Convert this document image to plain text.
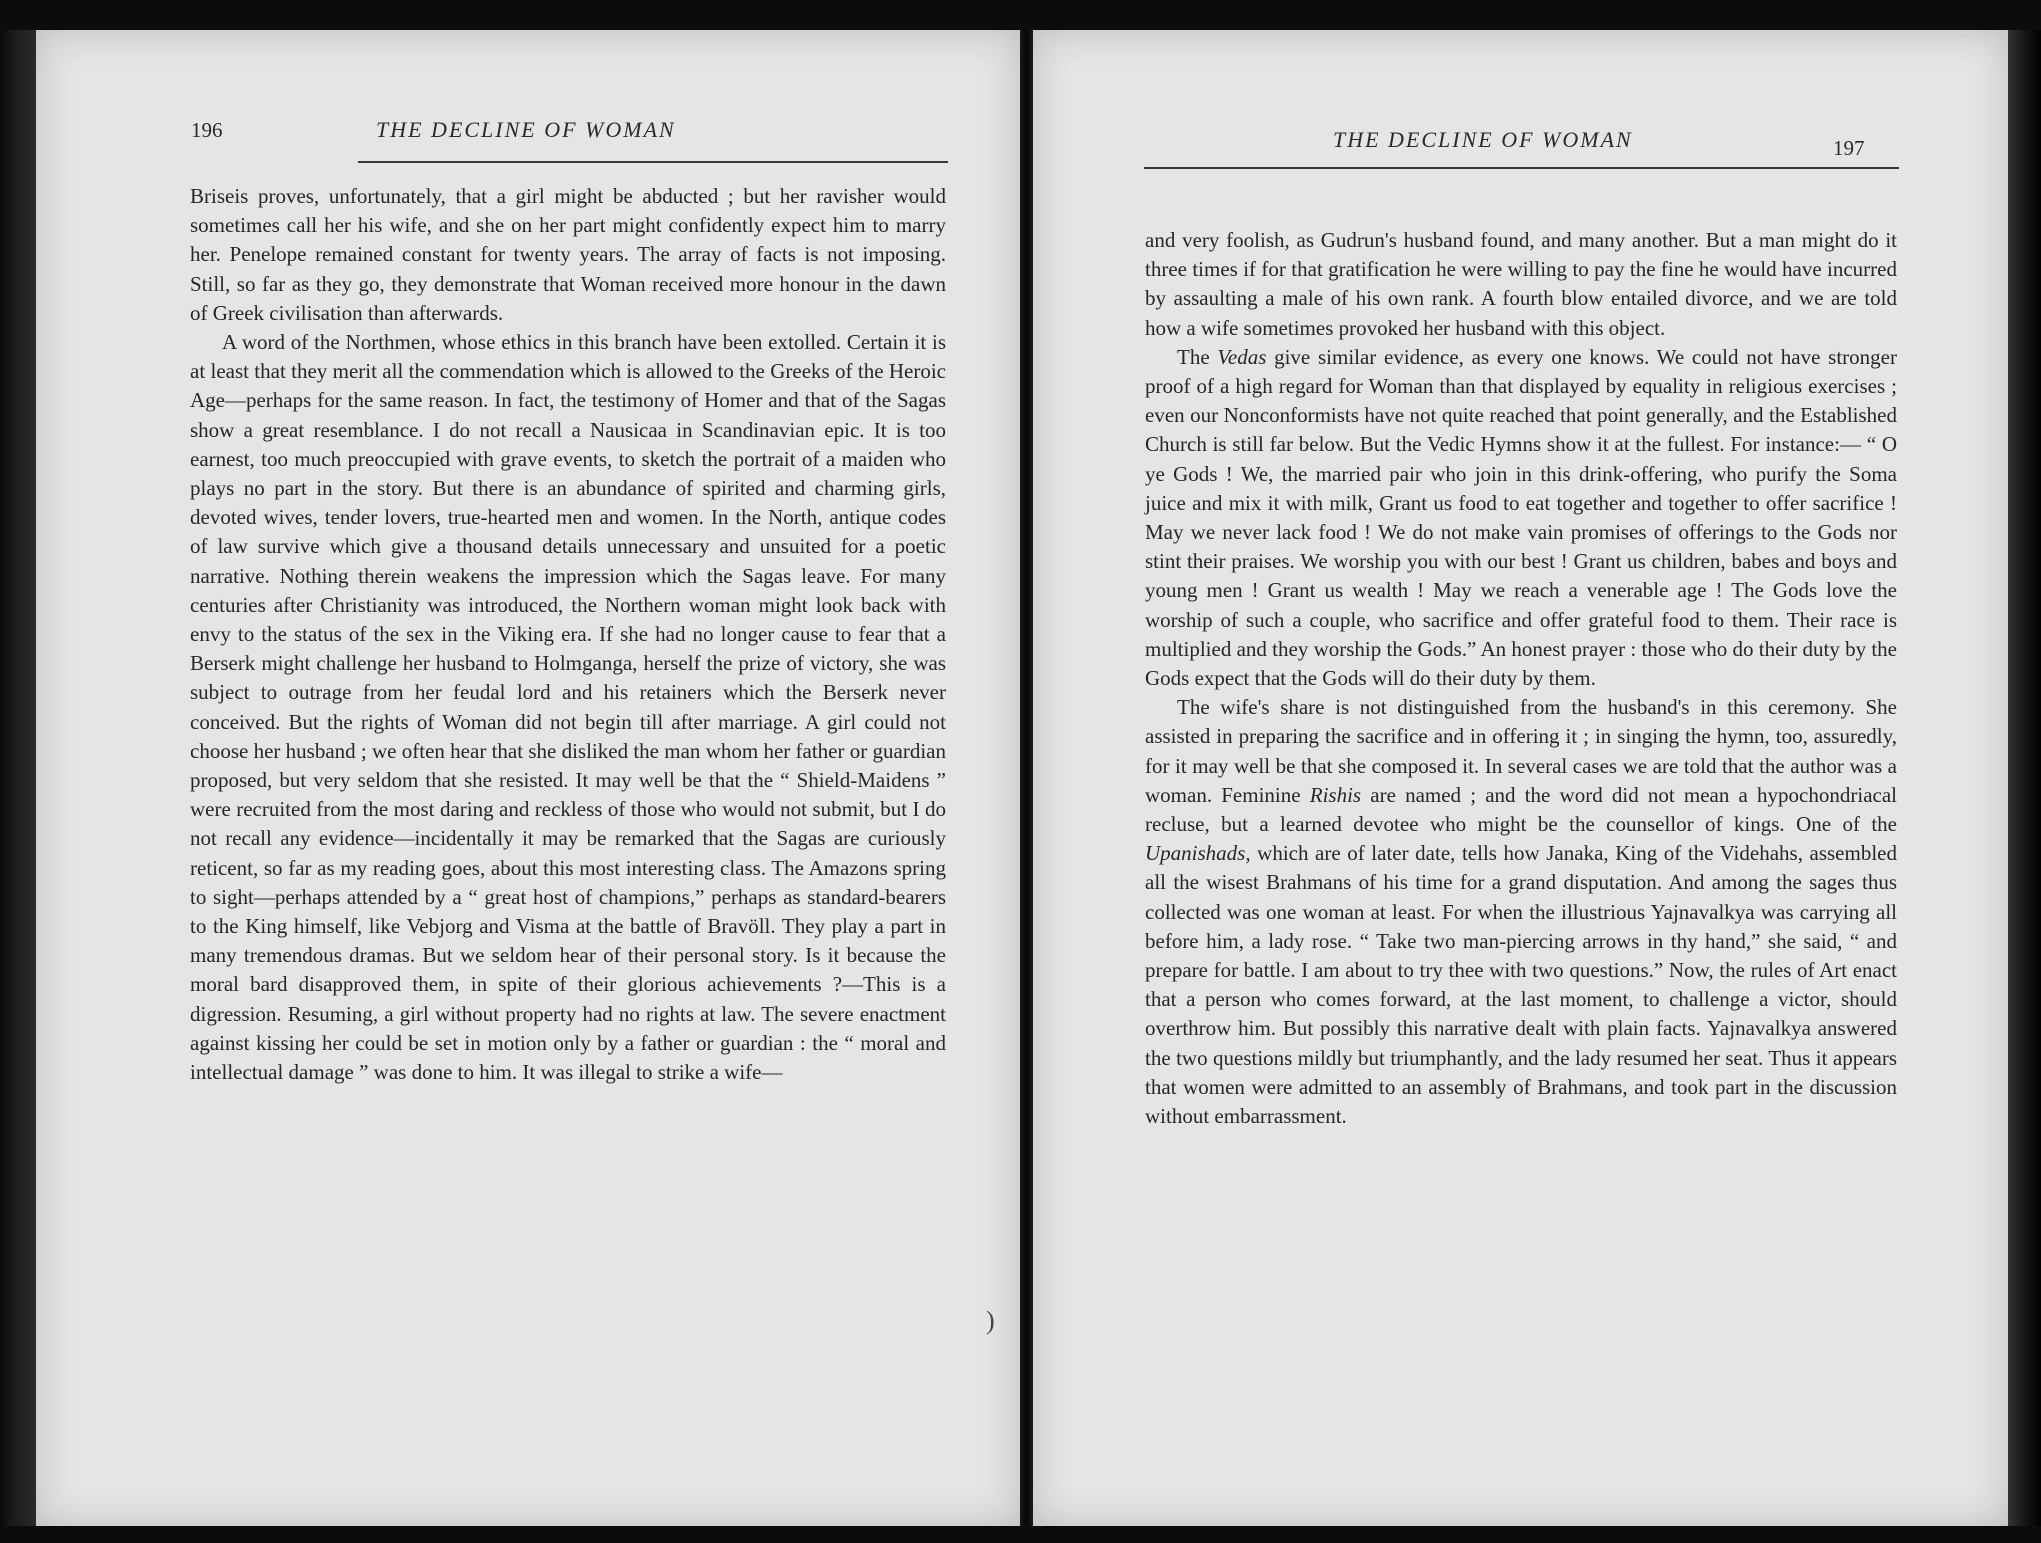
196	THE DECLINE OF WOMAN

Briseis proves, unfortunately, that a girl might be abducted ; but her ravisher would sometimes call her his wife, and she on her part might confidently expect him to marry her. Penelope remained constant for twenty years. The array of facts is not imposing. Still, so far as they go, they demonstrate that Woman received more honour in the dawn of Greek civilisation than afterwards.

A word of the Northmen, whose ethics in this branch have been extolled. Certain it is at least that they merit all the commendation which is allowed to the Greeks of the Heroic Age—perhaps for the same reason. In fact, the testimony of Homer and that of the Sagas show a great resemblance. I do not recall a Nausicaa in Scandinavian epic. It is too earnest, too much preoccupied with grave events, to sketch the portrait of a maiden who plays no part in the story. But there is an abundance of spirited and charming girls, devoted wives, tender lovers, true-hearted men and women. In the North, antique codes of law survive which give a thousand details unnecessary and unsuited for a poetic narrative. Nothing therein weakens the impression which the Sagas leave. For many centuries after Christianity was introduced, the Northern woman might look back with envy to the status of the sex in the Viking era. If she had no longer cause to fear that a Berserk might challenge her husband to Holmganga, herself the prize of victory, she was subject to outrage from her feudal lord and his retainers which the Berserk never conceived. But the rights of Woman did not begin till after marriage. A girl could not choose her husband ; we often hear that she disliked the man whom her father or guardian proposed, but very seldom that she resisted. It may well be that the “ Shield-Maidens ” were recruited from the most daring and reckless of those who would not submit, but I do not recall any evidence—incidentally it may be remarked that the Sagas are curiously reticent, so far as my reading goes, about this most interesting class. The Amazons spring to sight—perhaps attended by a “ great host of champions,” perhaps as standard-bearers to the King himself, like Vebjorg and Visma at the battle of Bravöll. They play a part in many tremendous dramas. But we seldom hear of their personal story. Is it because the moral bard disapproved them, in spite of their glorious achievements ?—This is a digression. Resuming, a girl without property had no rights at law. The severe enactment against kissing her could be set in motion only by a father or guardian : the “ moral and intellectual damage ” was done to him. It was illegal to strike a wife—

)
THE DECLINE OF WOMAN	197

and very foolish, as Gudrun's husband found, and many another. But a man might do it three times if for that gratification he were willing to pay the fine he would have incurred by assaulting a male of his own rank. A fourth blow entailed divorce, and we are told how a wife sometimes provoked her husband with this object.

The Vedas give similar evidence, as every one knows. We could not have stronger proof of a high regard for Woman than that displayed by equality in religious exercises ; even our Nonconformists have not quite reached that point generally, and the Established Church is still far below. But the Vedic Hymns show it at the fullest. For instance:— “ O ye Gods ! We, the married pair who join in this drink-offering, who purify the Soma juice and mix it with milk, Grant us food to eat together and together to offer sacrifice ! May we never lack food ! We do not make vain promises of offerings to the Gods nor stint their praises. We worship you with our best ! Grant us children, babes and boys and young men ! Grant us wealth ! May we reach a venerable age ! The Gods love the worship of such a couple, who sacrifice and offer grateful food to them. Their race is multiplied and they worship the Gods.” An honest prayer : those who do their duty by the Gods expect that the Gods will do their duty by them.

The wife's share is not distinguished from the husband's in this ceremony. She assisted in preparing the sacrifice and in offering it ; in singing the hymn, too, assuredly, for it may well be that she composed it. In several cases we are told that the author was a woman. Feminine Rishis are named ; and the word did not mean a hypochondriacal recluse, but a learned devotee who might be the counsellor of kings. One of the Upanishads, which are of later date, tells how Janaka, King of the Videhahs, assembled all the wisest Brahmans of his time for a grand disputation. And among the sages thus collected was one woman at least. For when the illustrious Yajnavalkya was carrying all before him, a lady rose. “ Take two man-piercing arrows in thy hand,” she said, “ and prepare for battle. I am about to try thee with two questions.” Now, the rules of Art enact that a person who comes forward, at the last moment, to challenge a victor, should overthrow him. But possibly this narrative dealt with plain facts. Yajnavalkya answered the two questions mildly but triumphantly, and the lady resumed her seat. Thus it appears that women were admitted to an assembly of Brahmans, and took part in the discussion without embarrassment.
